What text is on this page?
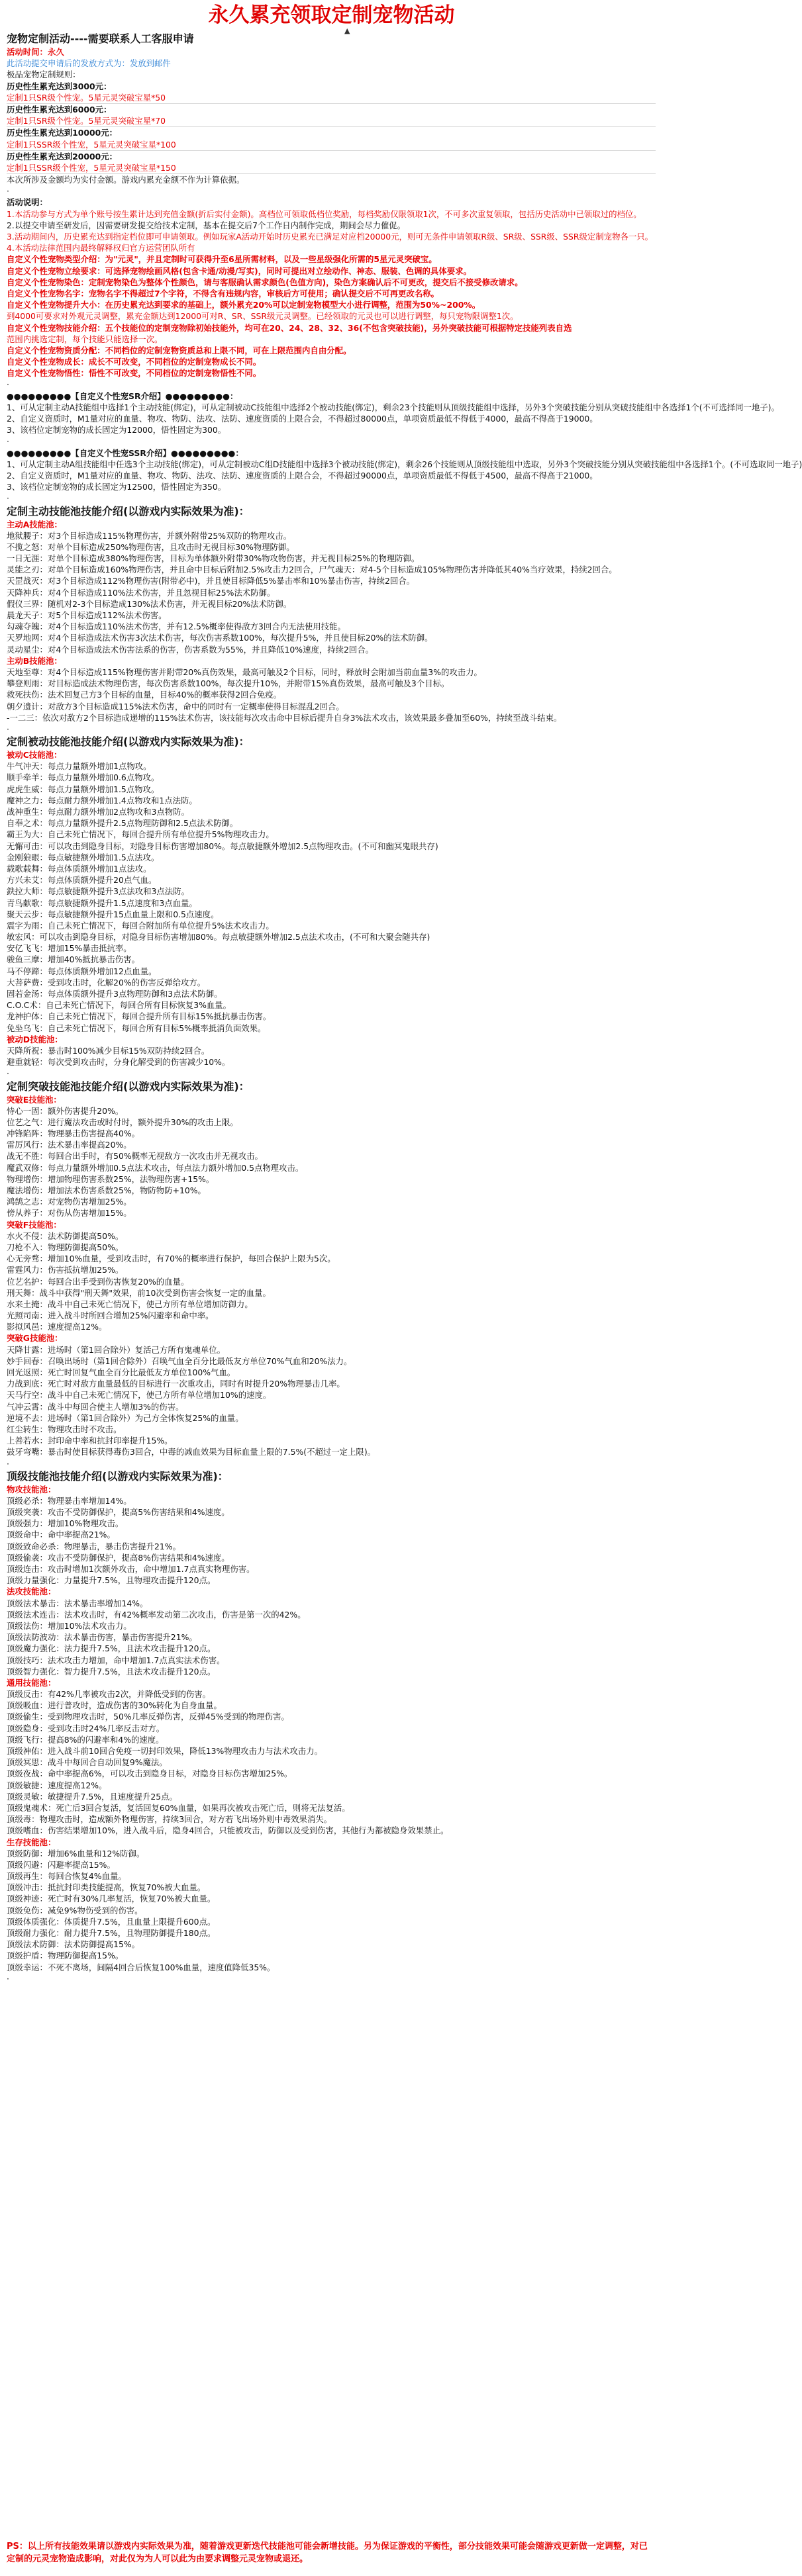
永久累充领取定制宠物活动
▲
宠物定制活动----需要联系人工客服申请
活动时间：永久
此活动提交申请后的发放方式为：发放到邮件
极品宠物定制规则：
历史性生累充达到3000元：
定制1只SR级个性宠。5星元灵突破宝星*50
历史性生累充达到6000元：
定制1只SR级个性宠。5星元灵突破宝星*70
历史性生累充达到10000元：
定制1只SSR级个性宠，5星元灵突破宝星*100
历史性生累充达到20000元：
定制1只SSR级个性宠，5星元灵突破宝星*150
本次所涉及金额均为实付金额。游戏内累充金额不作为计算依据。
·
活动说明：
1.本活动参与方式为单个账号按生累计达到充值金额(折后实付金额)。高档位可领取低档位奖励，每档奖励仅限领取1次，不可多次重复领取，包括历史活动中已领取过的档位。
2.以提交申请至研发后，因需要研发提交给技术定制，基本在提交后7个工作日内制作完成，期间会尽力催促。
3.活动期间内，历史累充达到指定档位即可申请领取。例如玩家A活动开始时历史累充已满足对应档20000元，则可无条件申请领取R级、SR级、SSR级、SSR级定制宠物各一只。
4.本活动法律范围内最终解释权归官方运营团队所有
自定义个性宠物类型介绍：为"元灵"，并且定制时可获得升至6星所需材料，以及一些星级强化所需的5星元灵突破宝。
自定义个性宠物立绘要求：可选择宠物绘画风格(包含卡通/动漫/写实)，同时可提出对立绘动作、神态、服装、色调的具体要求。
自定义个性宠物染色：定制宠物染色为整体个性颜色，请与客服确认需求颜色(色值方向)，染色方案确认后不可更改，提交后不接受修改请求。
自定义个性宠物名字：宠物名字不得超过7个字符，不得含有违规内容，审核后方可使用；确认提交后不可再更改名称。
自定义个性宠物提升大小：在历史累充达到要求的基础上，额外累充20%可以定制宠物模型大小进行调整，范围为50%~200%。
到4000可要求对外观元灵调整，累充金额达到12000可对R、SR、SSR级元灵调整。已经领取的元灵也可以进行调整，每只宠物限调整1次。
自定义个性宠物技能介绍：五个技能位的定制宠物除初始技能外，均可在20、24、28、32、36(不包含突破技能)，另外突破技能可根据特定技能列表自选
范围内挑选定制，每个技能只能选择一次。
自定义个性宠物资质分配：不同档位的定制宠物资质总和上限不同，可在上限范围内自由分配。
自定义个性宠物成长：成长不可改变，不同档位的定制宠物成长不同。
自定义个性宠物悟性：悟性不可改变，不同档位的定制宠物悟性不同。
·
●●●●●●●●●【自定义个性宠SR介绍】●●●●●●●●●：
1、可从定制主动A技能组中选择1个主动技能(绑定)，可从定制被动C技能组中选择2个被动技能(绑定)，剩余23个技能则从顶级技能组中选择，另外3个突破技能分别从突破技能组中各选择1个(不可选择同一地子)。
2、自定义资质时，M1量对应的血量、物攻、物防、法攻、法防、速度资质的上限合会，不得超过80000点，单项资质最低不得低于4000，最高不得高于19000。
3、该档位定制宠物的成长固定为12000，悟性固定为300。
·
●●●●●●●●●【自定义个性宠SSR介绍】●●●●●●●●●：
1、可从定制主动A组技能组中任选3个主动技能(绑定)，可从定制被动C组D技能组中选择3个被动技能(绑定)，剩余26个技能则从顶级技能组中选取，另外3个突破技能分别从突破技能组中各选择1个。(不可选取同一地子)
2、自定义资质时，M1量对应的血量、物攻、物防、法攻、法防、速度资质的上限合会，不得超过90000点，单项资质最低不得低于4500，最高不得高于21000。
3、该档位定制宠物的成长固定为12500，悟性固定为350。
·
定制主动技能池技能介绍(以游戏内实际效果为准)：
主动A技能池：
地狱腰子：对3个目标造成115%物理伤害，并额外附带25%双防的物理攻击。
不揽之怒：对单个目标造成250%物理伤害，且攻击时无视目标30%物理防御。
一日无涯：对单个目标造成380%物理伤害，目标为单体额外附带30%物攻物伤害，并无视目标25%的物理防御。
灵能之刃：对单个目标造成160%物理伤害，并且命中目标后附加2.5%攻击力2回合，尸气魂天：对4-5个目标造成105%物理伤害并降低其40%当疗效果，持续2回合。
天罡战灭：对3个目标造成112%物理伤害(附带必中)，并且使目标降低5%暴击率和10%暴击伤害，持续2回合。
天降神兵：对4个目标造成110%法术伤害，并且忽视目标25%法术防御。
假仪三界：随机对2-3个目标造成130%法术伤害，并无视目标20%法术防御。
晨龙天子：对5个目标造成112%法术伤害。
勾魂夺魄：对4个目标造成110%法术伤害，并有12.5%概率使得敌方3回合内无法使用技能。
天罗地网：对4个目标造成法术伤害3次法术伤害，每次伤害系数100%，每次提升5%，并且使目标20%的法术防御。
灵动星尘：对4个目标造成法术伤害法系的伤害，伤害系数为55%，并且降低10%速度，持续2回合。
主动B技能池：
天地至尊：对4个目标造成115%物理伤害并附带20%真伤效果，最高可触及2个目标，同时，释放时会附加当前血量3%的攻击力。
攀登则雨：对目标造成法术物理伤害，每次伤害系数100%，每次提升10%，并附带15%真伤效果，最高可触及3个目标。
救死扶伤：法术回复己方3个目标的血量，目标40%的概率获得2回合免疫。
朝夕遗计：对敌方3个目标造成115%法术伤害，命中的同时有一定概率使得目标混乱2回合。
-一二三：依次对敌方2个目标造成递增的115%法术伤害，该技能每次攻击命中目标后提升自身3%法术攻击，该效果最多叠加至60%，持续至战斗结束。
·
定制被动技能池技能介绍(以游戏内实际效果为准)：
被动C技能池：
牛气冲天：每点力量额外增加1点物攻。
顺手牵羊：每点力量额外增加0.6点物攻。
虎虎生威：每点力量额外增加1.5点物攻。
魔神之力：每点耐力额外增加1.4点物攻和1点法防。
战神重生：每点耐力额外增加2点物攻和3点物防。
自奉之术：每点力量额外提升2.5点物理防御和2.5点法术防御。
霸王为大：自己未死亡情况下，每回合提升所有单位提升5%物理攻击力。
无懈可击：可以攻击到隐身目标，对隐身目标伤害增加80%。每点敏捷额外增加2.5点物理攻击。(不可和幽冥鬼眼共存)
金刚狼眼：每点敏捷额外增加1.5点法攻。
载歌载舞：每点体质额外增加1点法攻。
方兴未艾：每点体质额外提升20点气血。
鉄拉大师：每点敏捷额外提升3点法攻和3点法防。
青鸟献歌：每点敏捷额外提升1.5点速度和3点血量。
聚天云步：每点敏捷额外提升15点血量上限和0.5点速度。
震字为雨：自己未死亡情况下，每回合附加所有单位提升5%法术攻击力。
敏宏风：可以攻击到隐身目标，对隐身目标伤害增加80%。每点敏捷额外增加2.5点法术攻击，(不可和大聚会随共存)
安亿飞飞：增加15%暴击抵抗率。
骏鱼三摩：增加40%抵抗暴击伤害。
马不停蹄：每点体质额外增加12点血量。
大菩萨费：受到攻击时，化解20%的伤害反弹给攻方。
固若金汤：每点体质额外提升3点物理防御和3点法术防御。
C.O.C术：自己未死亡情况下，每回合所有目标恢复3%血量。
龙神护体：自己未死亡情况下，每回合提升所有目标15%抵抗暴击伤害。
免坐乌飞：自己未死亡情况下，每回合所有目标5%概率抵消负面效果。
被动D技能池：
天降所祝：暴击时100%减少目标15%双防持续2回合。
避重就轻：每次受到攻击时，分身化解受到的伤害减少10%。
·
定制突破技能池技能介绍(以游戏内实际效果为准)：
突破E技能池：
恃心一固：额外伤害提升20%。
位艺之气：进行魔法攻击或时付时，额外提升30%的攻击上限。
冲锋陷阵：物理暴击伤害提高40%。
雷厉风行：法术暴击率提高20%。
战无不胜：每回合出手时，有50%概率无视敌方一次攻击并无视攻击。
魔武双修：每点力量额外增加0.5点法术攻击，每点法力额外增加0.5点物理攻击。
物理增伤：增加物理伤害系数25%，法物理伤害+15%。
魔法增伤：增加法术伤害系数25%，物防物防+10%。
鸿鹄之志：对宠物伤害增加25%。
傍从养子：对伤从伤害增加15%。
突破F技能池：
水火不侵：法术防御提高50%。
刀枪不入：物理防御提高50%。
心无旁骛：增加10%血量，受到攻击时，有70%的概率进行保护，每回合保护上限为5次。
雷霆风力：伤害抵抗增加25%。
位艺名护：每回合出手受到伤害恢复20%的血量。
刑天舞：战斗中获得"刑天舞"效果，前10次受到伤害会恢复一定的血量。
水来土掩：战斗中自己未死亡情况下，使己方所有单位增加防御力。
光照司南：进入战斗时所回合增加25%闪避率和命中率。
影拟风邑：速度提高12%。
突破G技能池：
天降甘露：进场时（第1回合除外）复活己方所有鬼魂单位。
妙手回春：召唤出场时（第1回合除外）召唤气血全百分比最低友方单位70%气血和20%法力。
回光返照：死亡时回复气血全百分比最低友方单位100%气血。
力战到底：死亡时对敌方血量最低的目标进行一次重攻击，同时有时提升20%物理暴击几率。
天马行空：战斗中自己未死亡情况下，使己方所有单位增加10%的速度。
气冲云霄：战斗中每回合使主人增加3%的伤害。
逆境不去：进场时（第1回合除外）为己方全体恢复25%的血量。
红尘转生：物理攻击时不攻击。
上善若水：封印命中率和抗封印率提升15%。
鼓牙弯嘴：暴击时使目标获得毒伤3回合，中毒的减血效果为目标血量上限的7.5%(不超过一定上限)。
·
顶级技能池技能介绍(以游戏内实际效果为准)：
物攻技能池：
顶级必杀：物理暴击率增加14%。
顶级突袭：攻击不受防御保护，提高5%伤害结果和4%速度。
顶级强力：增加10%物理攻击。
顶级命中：命中率提高21%。
顶级致命必杀：物理暴击，暴击伤害提升21%。
顶级偷袭：攻击不受防御保护，提高8%伤害结果和4%速度。
顶级连击：攻击时增加1次额外攻击，命中增加1.7点真实物理伤害。
顶级力量强化：力量提升7.5%，且物理攻击提升120点。
法攻技能池：
顶级法术暴击：法术暴击率增加14%。
顶级法术连击：法术攻击时，有42%概率发动第二次攻击，伤害是第一次的42%。
顶级法伤：增加10%法术攻击力。
顶级法防波动：法术暴击伤害，暴击伤害提升21%。
顶级魔力强化：法力提升7.5%，且法术攻击提升120点。
顶级技巧：法术攻击力增加，命中增加1.7点真实法术伤害。
顶级智力强化：智力提升7.5%，且法术攻击提升120点。
通用技能池：
顶级反击：有42%几率被攻击2次，并降低受到的伤害。
顶级吸血：进行普攻时，造成伤害的30%转化为自身血量。
顶级偷生：受到物理攻击时，50%几率反弹伤害，反弹45%受到的物理伤害。
顶级隐身：受到攻击时24%几率反击对方。
顶级飞行：提高8%的闪避率和4%的速度。
顶级神佑：进入战斗前10回合免疫一切封印效果，降低13%物理攻击力与法术攻击力。
顶级冥思：战斗中每回合自动回复9%魔法。
顶级夜战：命中率提高6%，可以攻击到隐身目标，对隐身目标伤害增加25%。
顶级敏捷：速度提高12%。
顶级灵敏：敏捷提升7.5%，且速度提升25点。
顶级鬼魂术：死亡后3回合复活，复活回复60%血量，如果再次被攻击死亡后，则将无法复活。
顶级毒：物理攻击时，造成额外物理伤害，持续3回合，对方若飞出场外则中毒效果消失。
顶级嗜血：伤害结果增加10%，进入战斗后，隐身4回合，只能被攻击，防御以及受到伤害，其他行为都被隐身效果禁止。
生存技能池：
顶级防御：增加6%血量和12%防御。
顶级闪避：闪避率提高15%。
顶级再生：每回合恢复4%血量。
顶级冲击：抵抗封印类技能提高，恢复70%被大血量。
顶级神迹：死亡时有30%几率复活，恢复70%被大血量。
顶级免伤：减免9%物伤受到的伤害。
顶级体质强化：体质提升7.5%，且血量上限提升600点。
顶级耐力强化：耐力提升7.5%，且物理防御提升180点。
顶级法术防御：法术防御提高15%。
顶级护盾：物理防御提高15%。
顶级幸运：不死不离场，间隔4回合后恢复100%血量，速度值降低35%。
·
PS：以上所有技能效果请以游戏内实际效果为准，随着游戏更新迭代技能池可能会新增技能。另为保证游戏的平衡性，部分技能效果可能会随游戏更新做一定调整，对已定制的元灵宠物造成影响，对此仅为为人可以此为由要求调整元灵宠物或退还。
